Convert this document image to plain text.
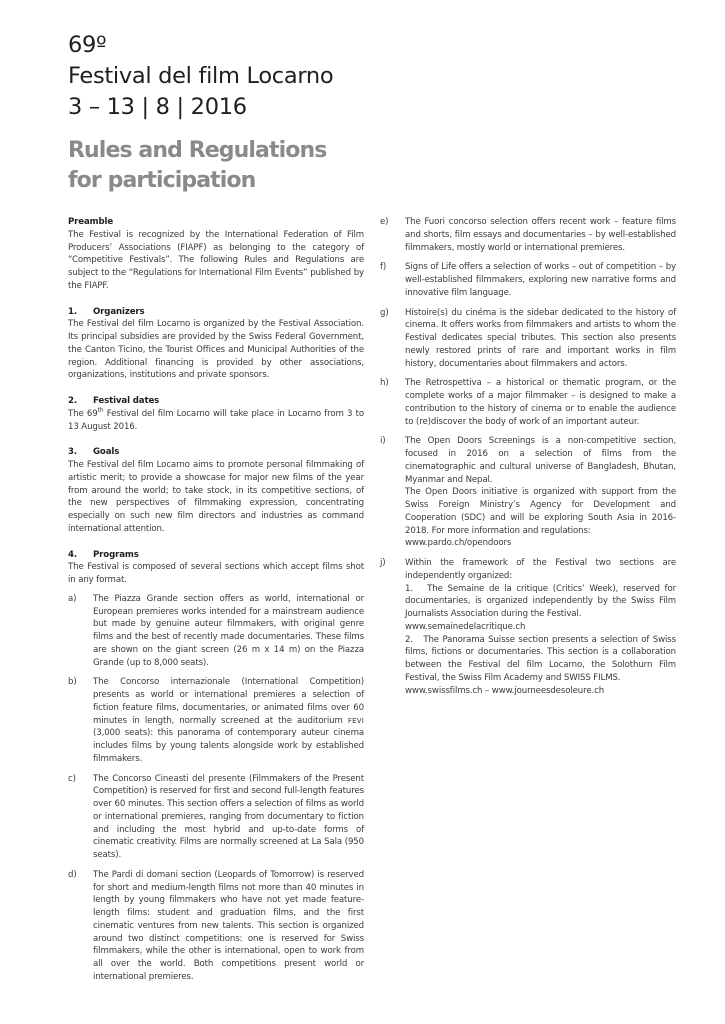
69º
Festival del film Locarno
3 – 13 | 8 | 2016
Rules and Regulations
for participation
Preamble
The Festival is recognized by the International Federation of Film Producers’ Associations (FIAPF) as belonging to the category of “Competitive Festivals”. The following Rules and Regulations are subject to the “Regulations for International Film Events” published by the FIAPF.
1.	Organizers
The Festival del film Locarno is organized by the Festival Association. Its principal subsidies are provided by the Swiss Federal Government, the Canton Ticino, the Tourist Offices and Municipal Authorities of the region. Additional financing is provided by other associations, organizations, institutions and private sponsors.
2.	Festival dates
The 69th Festival del film Locarno will take place in Locarno from 3 to 13 August 2016.
3.	Goals
The Festival del film Locarno aims to promote personal filmmaking of artistic merit; to provide a showcase for major new films of the year from around the world; to take stock, in its competitive sections, of the new perspectives of filmmaking expression, concentrating especially on such new film directors and industries as command international attention.
4.	Programs
The Festival is composed of several sections which accept films shot in any format.
a)	The Piazza Grande section offers as world, international or European premieres works intended for a mainstream audience but made by genuine auteur filmmakers, with original genre films and the best of recently made documentaries. These films are shown on the giant screen (26 m x 14 m) on the Piazza Grande (up to 8,000 seats).
b)	The Concorso internazionale (International Competition) presents as world or international premieres a selection of fiction feature films, documentaries, or animated films over 60 minutes in length, normally screened at the auditorium FEVI (3,000 seats): this panorama of contemporary auteur cinema includes films by young talents alongside work by established filmmakers.
c)	The Concorso Cineasti del presente (Filmmakers of the Present Competition) is reserved for first and second full-length features over 60 minutes. This section offers a selection of films as world or international premieres, ranging from documentary to fiction and including the most hybrid and up-to-date forms of cinematic creativity. Films are normally screened at La Sala (950 seats).
d)	The Pardi di domani section (Leopards of Tomorrow) is reserved for short and medium-length films not more than 40 minutes in length by young filmmakers who have not yet made feature-length films: student and graduation films, and the first cinematic ventures from new talents. This section is organized around two distinct competitions: one is reserved for Swiss filmmakers, while the other is international, open to work from all over the world. Both competitions present world or international premieres.
e)	The Fuori concorso selection offers recent work – feature films and shorts, film essays and documentaries – by well-established filmmakers, mostly world or international premieres.
f)	Signs of Life offers a selection of works – out of competition – by well-established filmmakers, exploring new narrative forms and innovative film language.
g)	Histoire(s) du cinéma is the sidebar dedicated to the history of cinema. It offers works from filmmakers and artists to whom the Festival dedicates special tributes. This section also presents newly restored prints of rare and important works in film history, documentaries about filmmakers and actors.
h)	The Retrospettiva – a historical or thematic program, or the complete works of a major filmmaker – is designed to make a contribution to the history of cinema or to enable the audience to (re)discover the body of work of an important auteur.
i)	The Open Doors Screenings is a non-competitive section, focused in 2016 on a selection of films from the cinematographic and cultural universe of Bangladesh, Bhutan, Myanmar and Nepal.
The Open Doors initiative is organized with support from the Swiss Foreign Ministry’s Agency for Development and Cooperation (SDC) and will be exploring South Asia in 2016-2018. For more information and regulations:
www.pardo.ch/opendoors
j)	Within the framework of the Festival two sections are independently organized:
1.   The Semaine de la critique (Critics’ Week), reserved for documentaries, is organized independently by the Swiss Film Journalists Association during the Festival.
www.semainedelacritique.ch
2.   The Panorama Suisse section presents a selection of Swiss films, fictions or documentaries. This section is a collaboration between the Festival del film Locarno, the Solothurn Film Festival, the Swiss Film Academy and SWISS FILMS.
www.swissfilms.ch – www.journeesdesoleure.ch
